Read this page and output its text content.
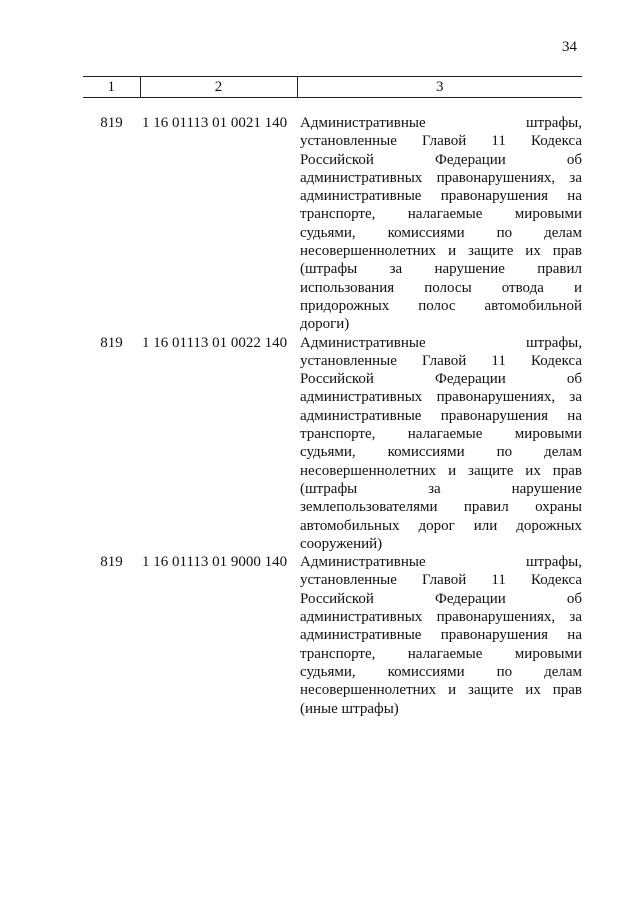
34
1	2	3
819	1 16 01113 01 0021 140	Административные штрафы, установленные Главой 11 Кодекса Российской Федерации об административных правонарушениях, за административные правонарушения на транспорте, налагаемые мировыми судьями, комиссиями по делам несовершеннолетних и защите их прав (штрафы за нарушение правил использования полосы отвода и придорожных полос автомобильной дороги)
819	1 16 01113 01 0022 140	Административные штрафы, установленные Главой 11 Кодекса Российской Федерации об административных правонарушениях, за административные правонарушения на транспорте, налагаемые мировыми судьями, комиссиями по делам несовершеннолетних и защите их прав (штрафы за нарушение землепользователями правил охраны автомобильных дорог или дорожных сооружений)
819	1 16 01113 01 9000 140	Административные штрафы, установленные Главой 11 Кодекса Российской Федерации об административных правонарушениях, за административные правонарушения на транспорте, налагаемые мировыми судьями, комиссиями по делам несовершеннолетних и защите их прав (иные штрафы)
